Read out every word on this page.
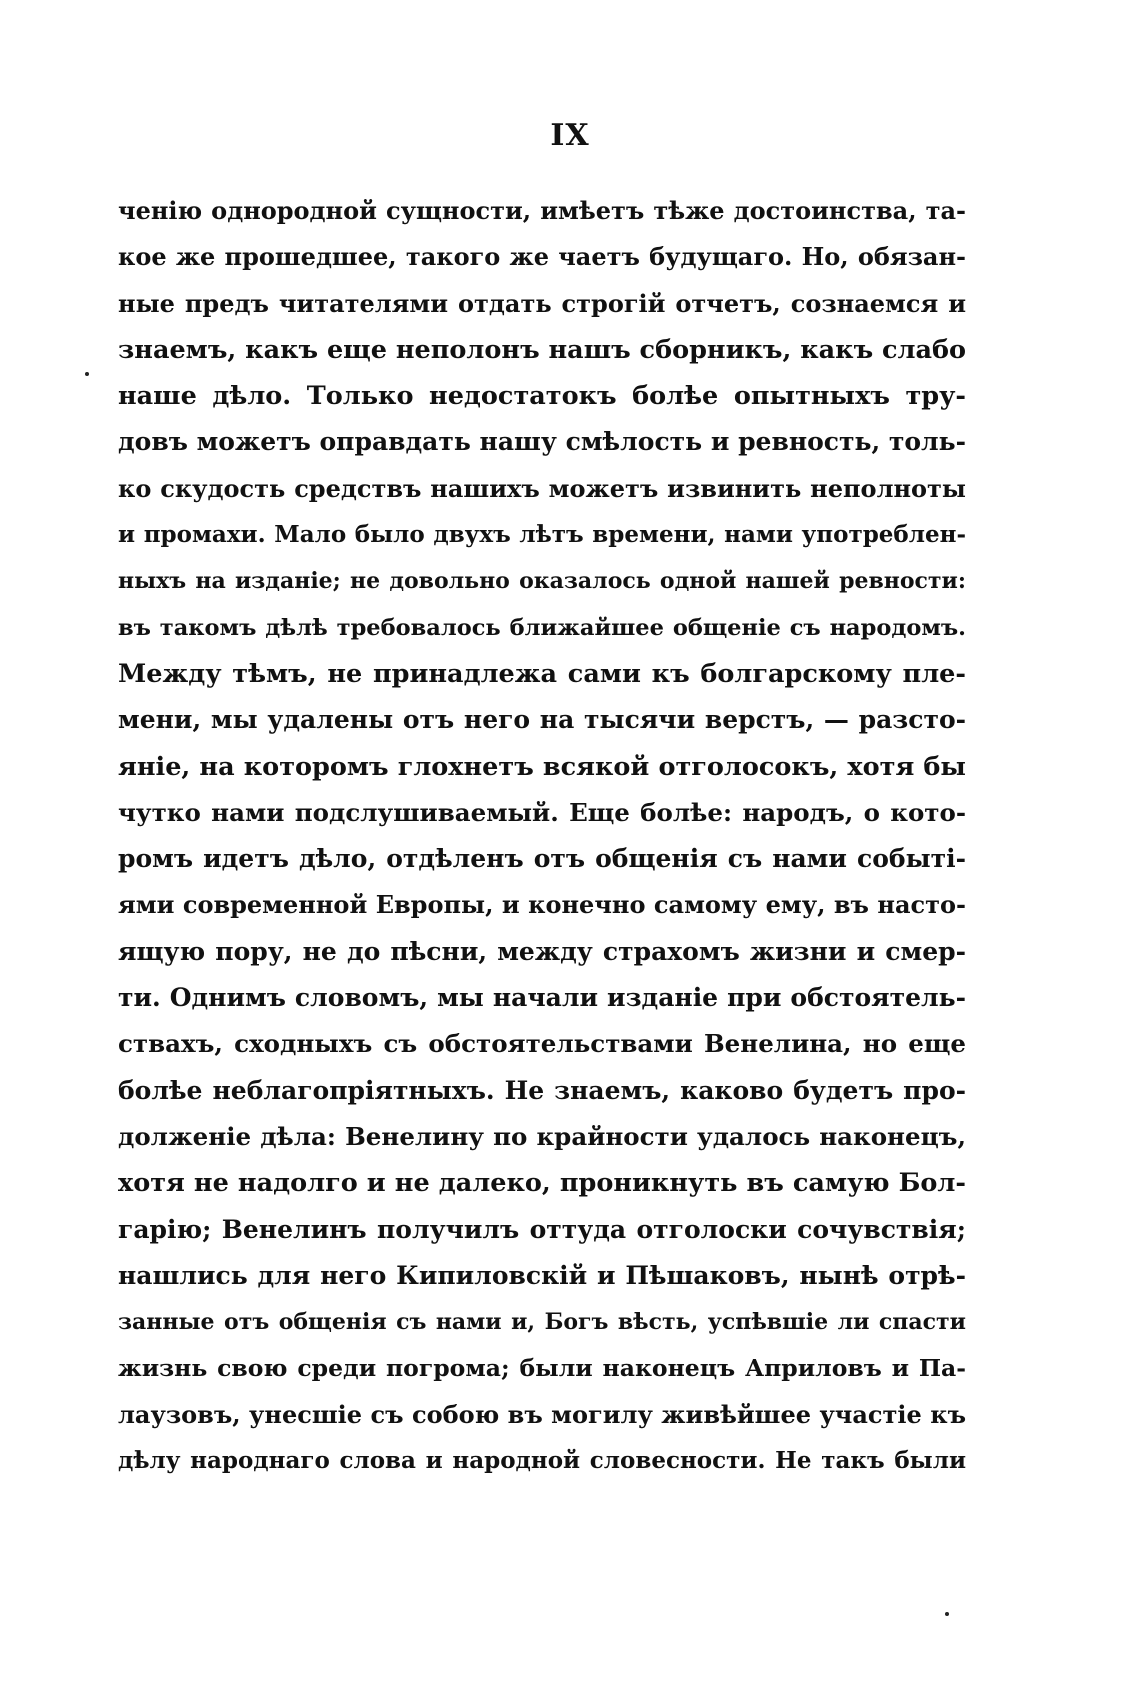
IX
ченію однородной сущности, имѣетъ тѣже достоинства, та-
кое же прошедшее, такого же чаетъ будущаго. Но, обязан-
ные предъ читателями отдать строгій отчетъ, сознаемся и
знаемъ, какъ еще неполонъ нашъ сборникъ, какъ слабо
наше дѣло. Только недостатокъ болѣе опытныхъ тру-
довъ можетъ оправдать нашу смѣлость и ревность, толь-
ко скудость средствъ нашихъ можетъ извинить неполноты
и промахи. Мало было двухъ лѣтъ времени, нами употреблен-
ныхъ на изданіе; не довольно оказалось одной нашей ревности:
въ такомъ дѣлѣ требовалось ближайшее общеніе съ народомъ.
Между тѣмъ, не принадлежа сами къ болгарскому пле-
мени, мы удалены отъ него на тысячи верстъ, — разсто-
яніе, на которомъ глохнетъ всякой отголосокъ, хотя бы
чутко нами подслушиваемый. Еще болѣе: народъ, о кото-
ромъ идетъ дѣло, отдѣленъ отъ общенія съ нами событі-
ями современной Европы, и конечно самому ему, въ насто-
ящую пору, не до пѣсни, между страхомъ жизни и смер-
ти. Однимъ словомъ, мы начали изданіе при обстоятель-
ствахъ, сходныхъ съ обстоятельствами Венелина, но еще
болѣе неблагопріятныхъ. Не знаемъ, каково будетъ про-
долженіе дѣла: Венелину по крайности удалось наконецъ,
хотя не надолго и не далеко, проникнуть въ самую Бол-
гарію; Венелинъ получилъ оттуда отголоски сочувствія;
нашлись для него Кипиловскій и Пѣшаковъ, нынѣ отрѣ-
занные отъ общенія съ нами и, Богъ вѣсть, успѣвшіе ли спасти
жизнь свою среди погрома; были наконецъ Априловъ и Па-
лаузовъ, унесшіе съ собою въ могилу живѣйшее участіе къ
дѣлу народнаго слова и народной словесности. Не такъ были
